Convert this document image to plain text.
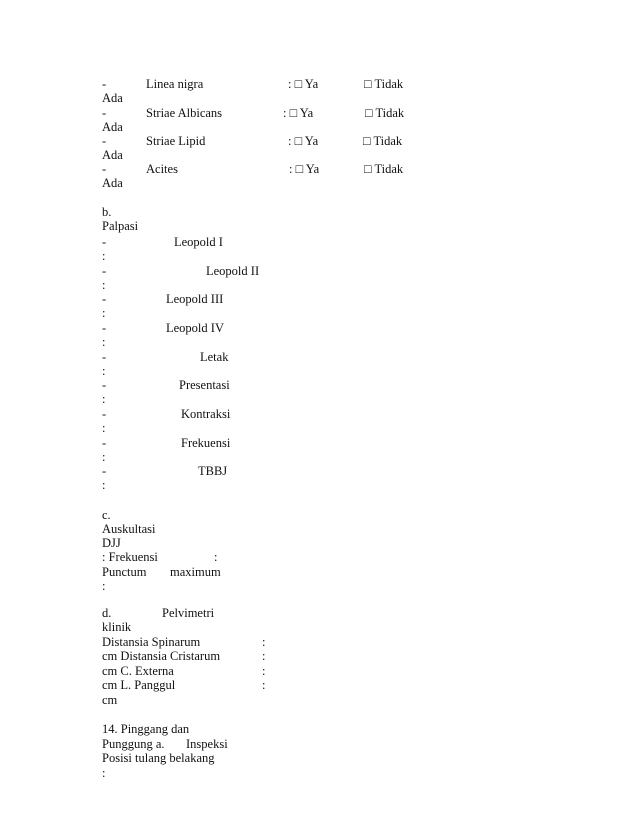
-	Linea nigra	: □ Ya	□ Tidak
Ada
-	Striae Albicans	: □ Ya	□ Tidak
Ada
-	Striae Lipid	: □ Ya	□ Tidak
Ada
-	Acites	: □ Ya	□ Tidak
Ada
b.
Palpasi
-	Leopold I
:
-	Leopold II
:
-	Leopold III
:
-	Leopold IV
:
-	Letak
:
-	Presentasi
:
-	Kontraksi
:
-	Frekuensi
:
-	TBBJ
:
c.
Auskultasi
DJJ
: Frekuensi	:
Punctum maximum
:
d.	Pelvimetri
klinik
Distansia Spinarum	:
cm Distansia Cristarum	:
cm C. Externa	:
cm L. Panggul	:
cm
14. Pinggang dan
Punggung a. Inspeksi
Posisi tulang belakang
:
